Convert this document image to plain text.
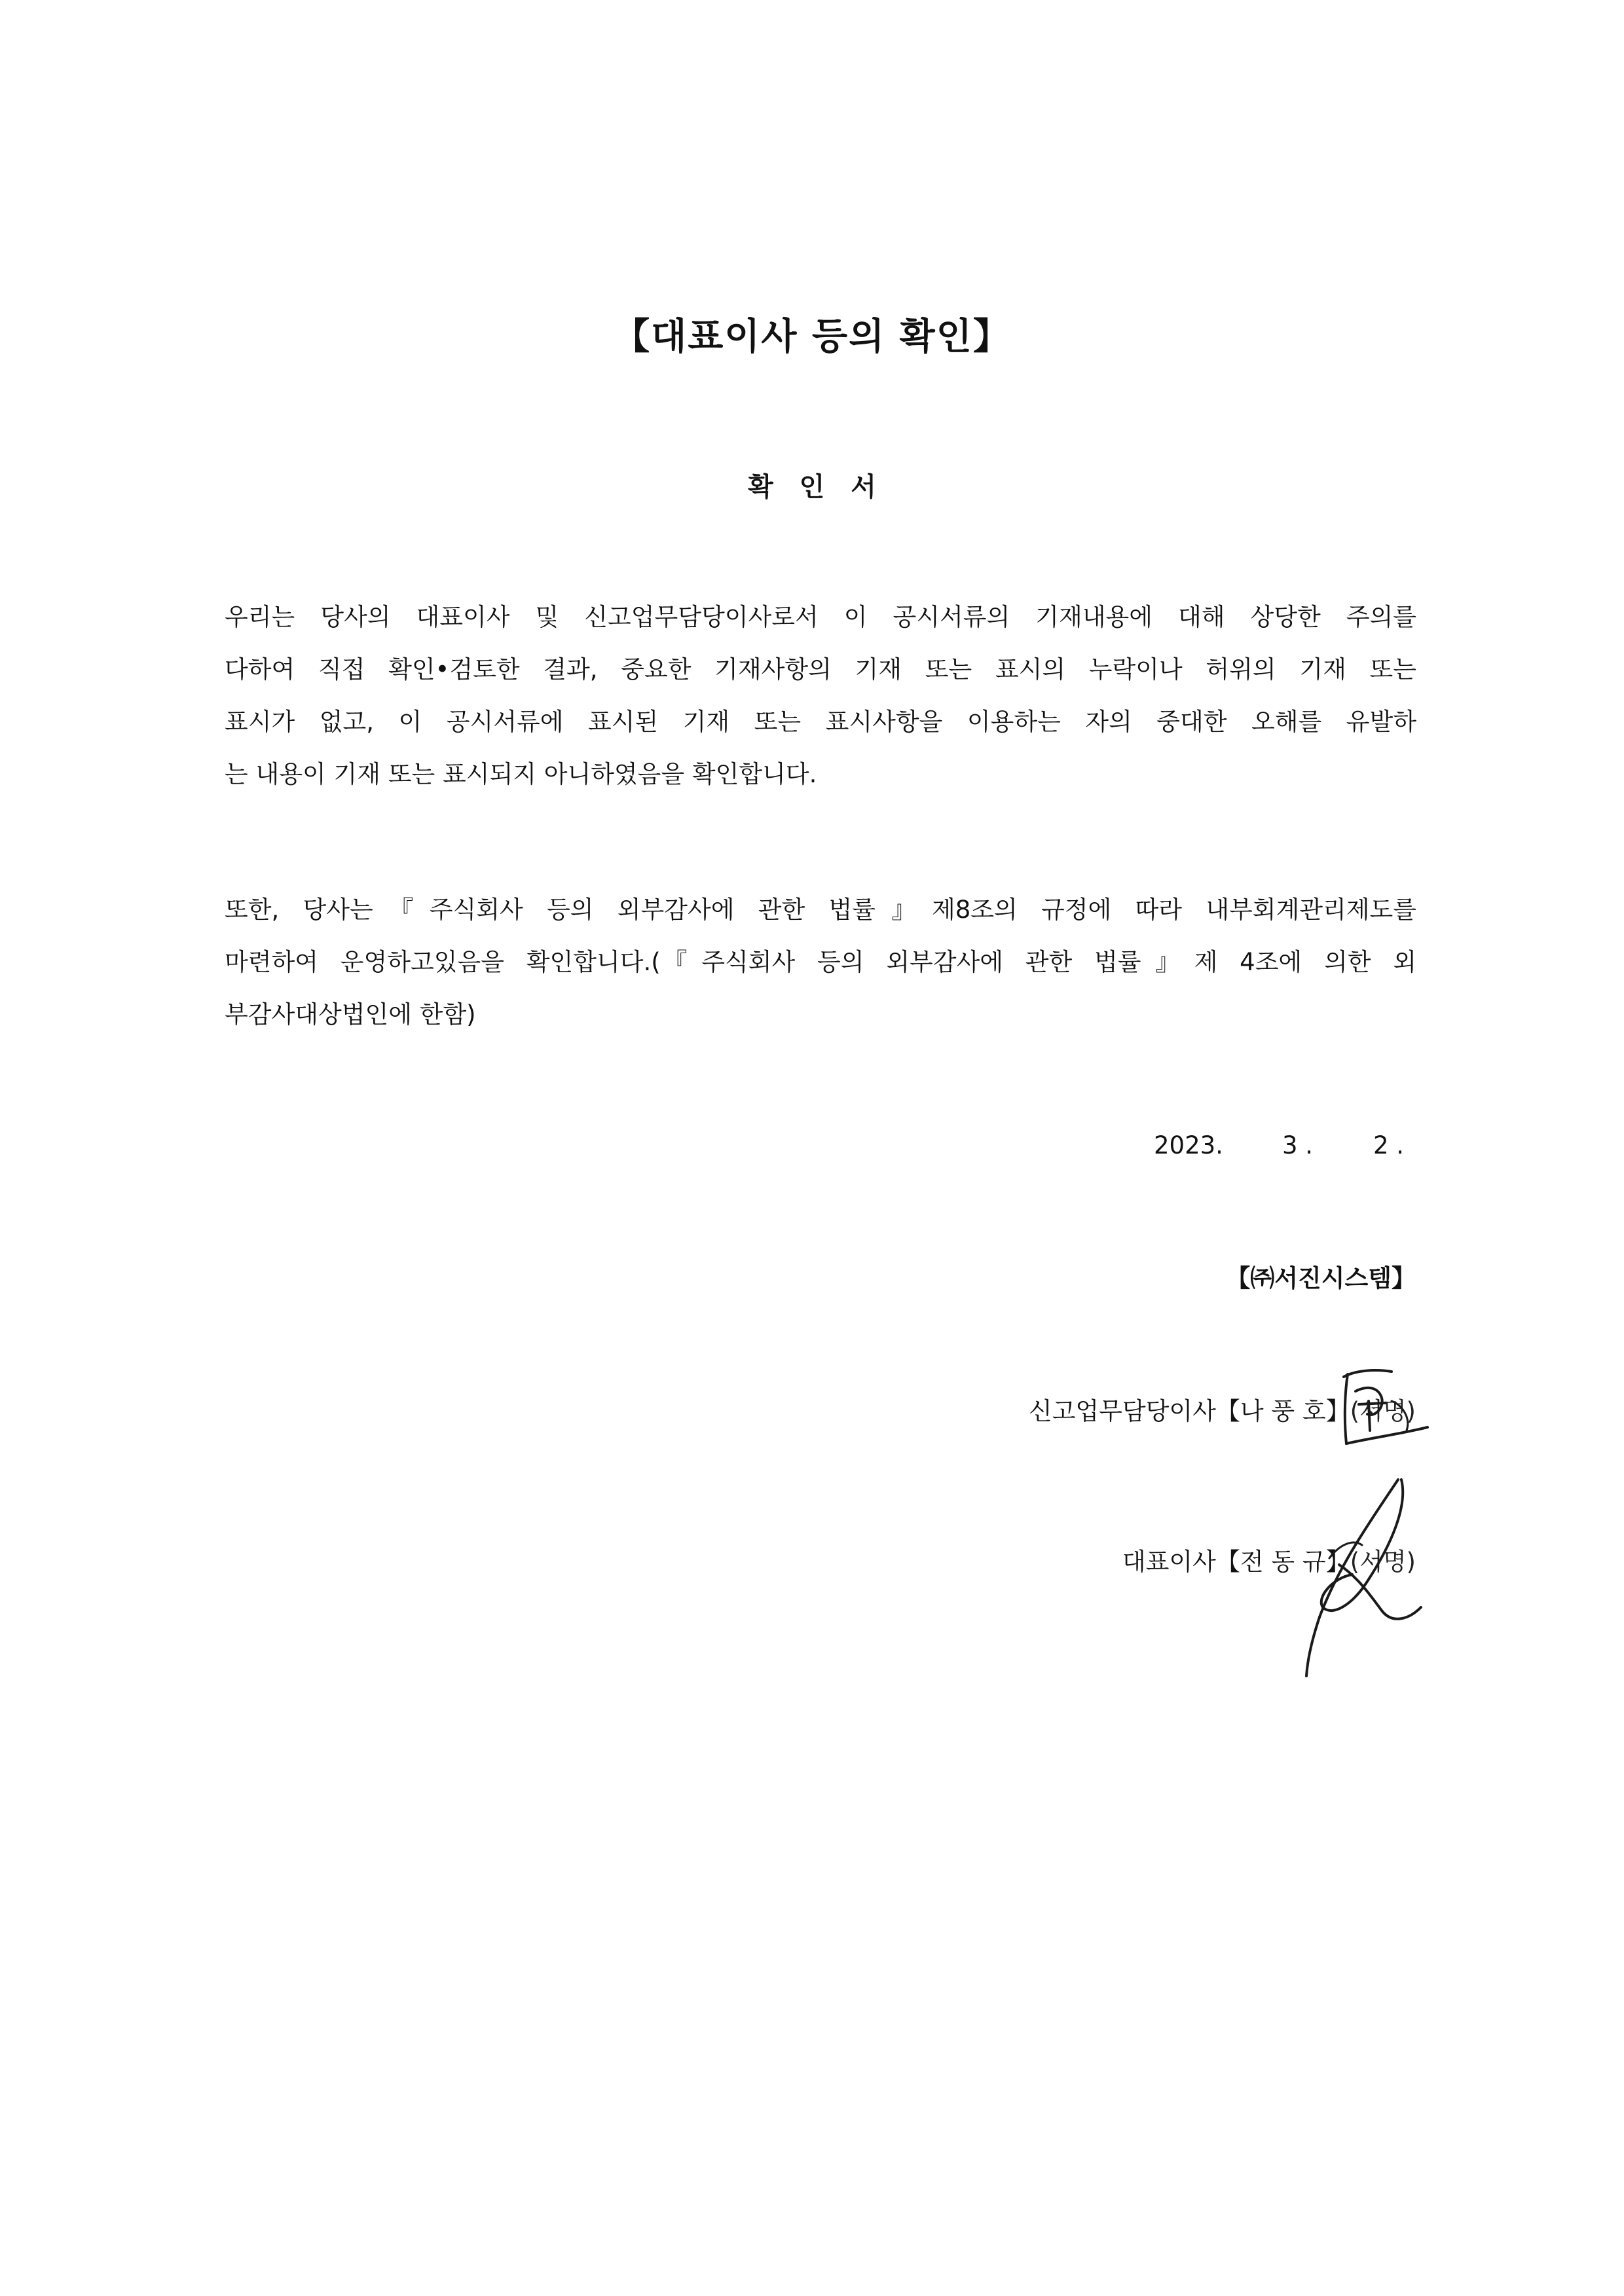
【대표이사 등의 확인】
확 인 서
우리는 당사의 대표이사 및 신고업무담당이사로서 이 공시서류의 기재내용에 대해 상당한 주의를
다하여 직접 확인•검토한 결과, 중요한 기재사항의 기재 또는 표시의 누락이나 허위의 기재 또는
표시가 없고, 이 공시서류에 표시된 기재 또는 표시사항을 이용하는 자의 중대한 오해를 유발하
는 내용이 기재 또는 표시되지 아니하였음을 확인합니다.
또한, 당사는『주식회사 등의 외부감사에 관한 법률』제8조의 규정에 따라 내부회계관리제도를
마련하여 운영하고있음을 확인합니다.(『주식회사 등의 외부감사에 관한 법률』제 4조에 의한 외
부감사대상법인에 한함)
2023. 3 . 2 .
【㈜서진시스템】
신고업무담당이사【나 풍 호】(서명)
대표이사【전 동 규】(서명)
